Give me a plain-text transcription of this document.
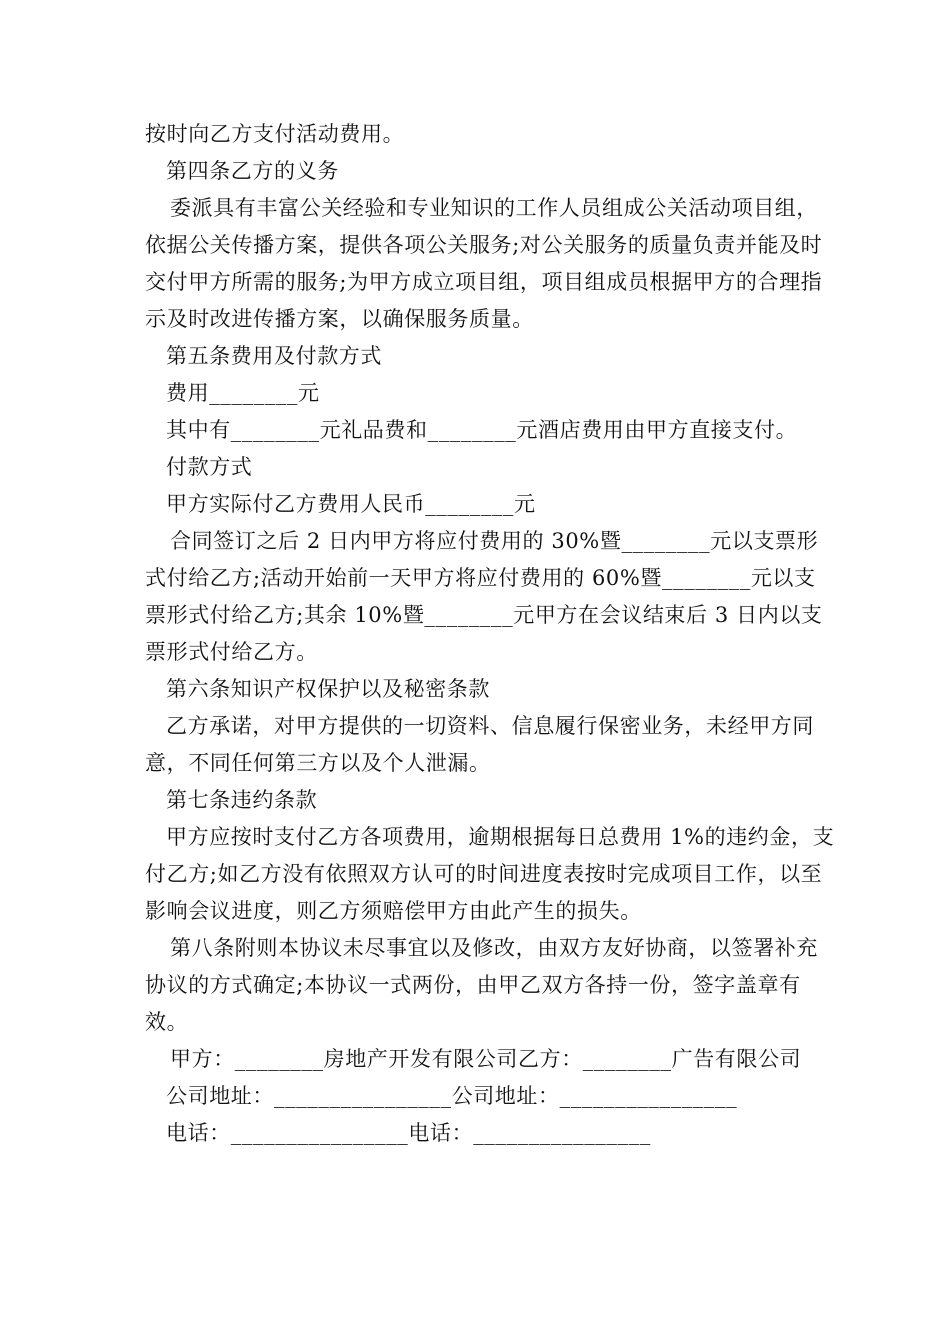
按时向乙方支付活动费用。

第四条乙方的义务

委派具有丰富公关经验和专业知识的工作人员组成公关活动项目组，依据公关传播方案，提供各项公关服务;对公关服务的质量负责并能及时交付甲方所需的服务;为甲方成立项目组，项目组成员根据甲方的合理指示及时改进传播方案，以确保服务质量。

第五条费用及付款方式

费用________元

其中有________元礼品费和________元酒店费用由甲方直接支付。

付款方式

甲方实际付乙方费用人民币________元

合同签订之后 2 日内甲方将应付费用的 30%暨________元以支票形式付给乙方;活动开始前一天甲方将应付费用的 60%暨________元以支票形式付给乙方;其余 10%暨________元甲方在会议结束后 3 日内以支票形式付给乙方。

第六条知识产权保护以及秘密条款

乙方承诺，对甲方提供的一切资料、信息履行保密业务，未经甲方同意，不同任何第三方以及个人泄漏。

第七条违约条款

甲方应按时支付乙方各项费用，逾期根据每日总费用 1%的违约金，支付乙方;如乙方没有依照双方认可的时间进度表按时完成项目工作，以至影响会议进度，则乙方须赔偿甲方由此产生的损失。

第八条附则本协议未尽事宜以及修改，由双方友好协商，以签署补充协议的方式确定;本协议一式两份，由甲乙双方各持一份，签字盖章有效。

甲方：________房地产开发有限公司乙方：________广告有限公司

公司地址：________________公司地址：________________

电话：________________电话：________________
